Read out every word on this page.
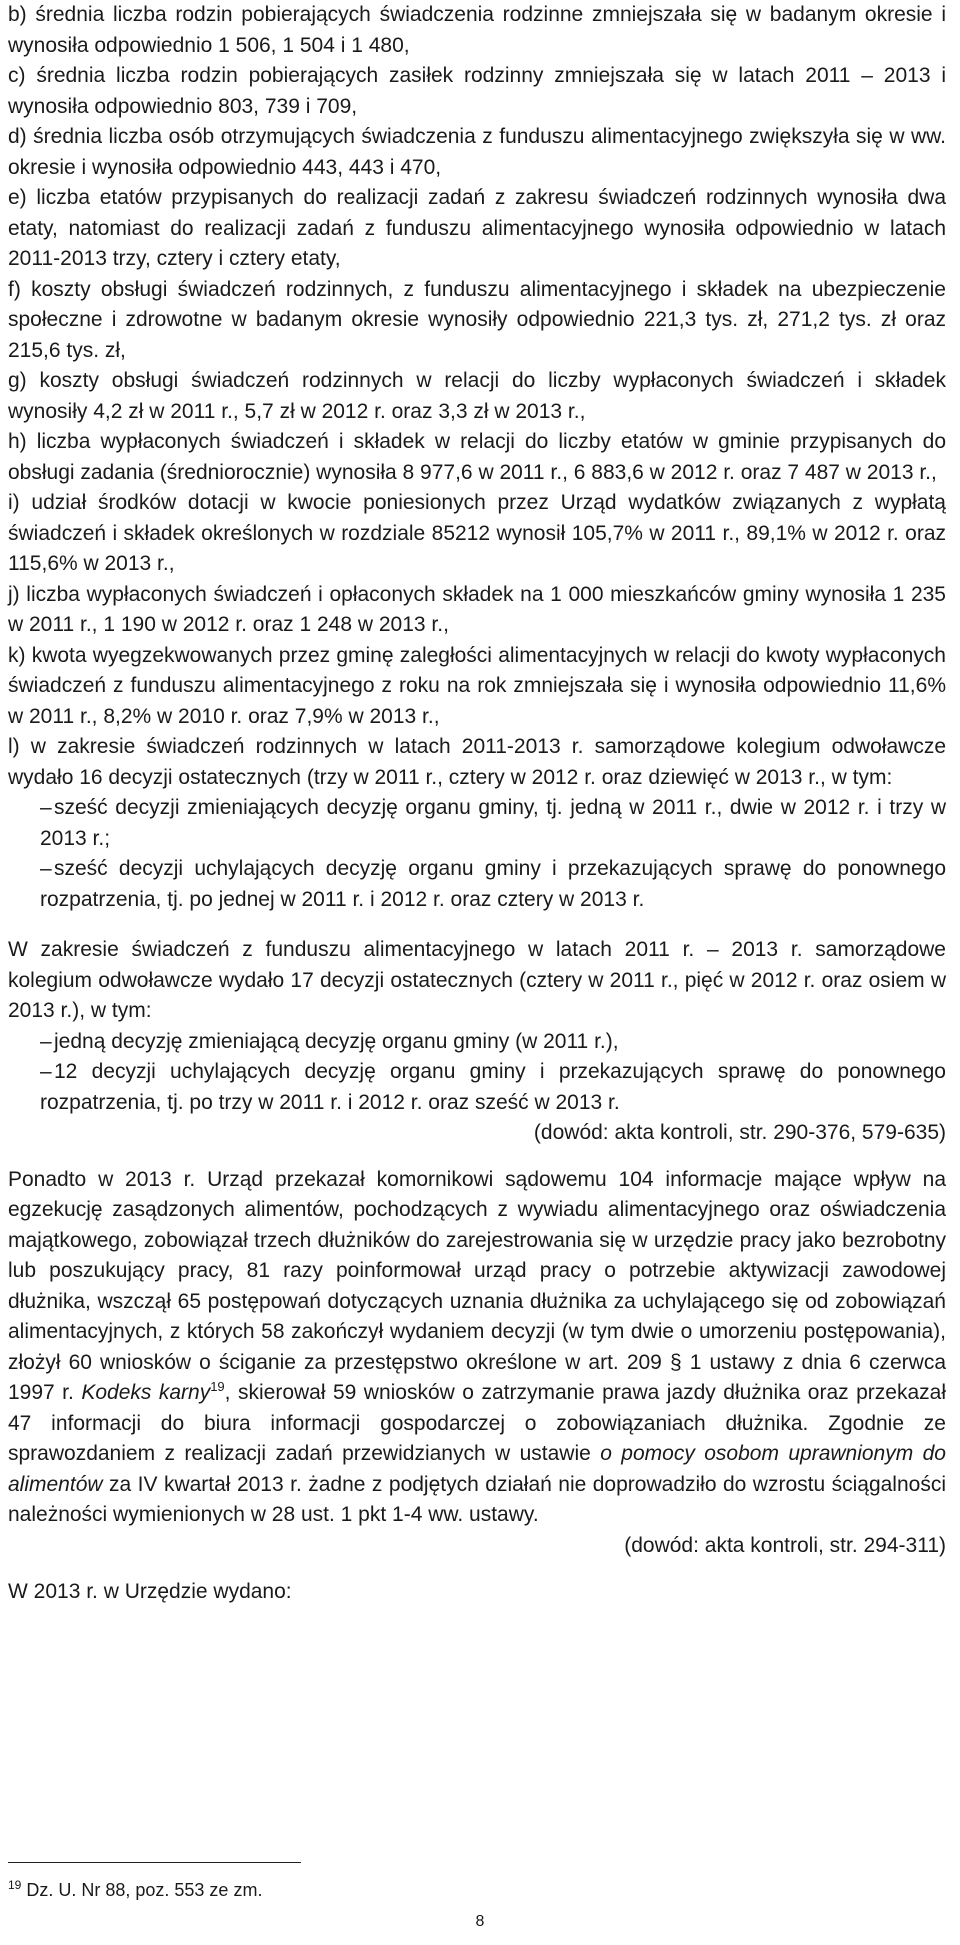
b) średnia liczba rodzin pobierających świadczenia rodzinne zmniejszała się w badanym okresie i wynosiła odpowiednio 1 506, 1 504 i 1 480,

c) średnia liczba rodzin pobierających zasiłek rodzinny zmniejszała się w latach 2011 – 2013 i wynosiła odpowiednio 803, 739 i 709,

d) średnia liczba osób otrzymujących świadczenia z funduszu alimentacyjnego zwiększyła się w ww. okresie i wynosiła odpowiednio 443, 443 i 470,

e) liczba etatów przypisanych do realizacji zadań z zakresu świadczeń rodzinnych wynosiła dwa etaty, natomiast do realizacji zadań z funduszu alimentacyjnego wynosiła odpowiednio w latach 2011-2013 trzy, cztery i cztery etaty,

f) koszty obsługi świadczeń rodzinnych, z funduszu alimentacyjnego i składek na ubezpieczenie społeczne i zdrowotne w badanym okresie wynosiły odpowiednio 221,3 tys. zł, 271,2 tys. zł oraz 215,6 tys. zł,

g) koszty obsługi świadczeń rodzinnych w relacji do liczby wypłaconych świadczeń i składek wynosiły 4,2 zł w 2011 r., 5,7 zł w 2012 r. oraz 3,3 zł w 2013 r.,

h) liczba wypłaconych świadczeń i składek w relacji do liczby etatów w gminie przypisanych do obsługi zadania (średniorocznie) wynosiła 8 977,6 w 2011 r., 6 883,6 w 2012 r. oraz 7 487 w 2013 r.,

i) udział środków dotacji w kwocie poniesionych przez Urząd wydatków związanych z wypłatą świadczeń i składek określonych w rozdziale 85212 wynosił 105,7% w 2011 r., 89,1% w 2012 r. oraz 115,6% w 2013 r.,

j) liczba wypłaconych świadczeń i opłaconych składek na 1 000 mieszkańców gminy wynosiła 1 235 w 2011 r., 1 190 w 2012 r. oraz 1 248 w 2013 r.,

k) kwota wyegzekwowanych przez gminę zaległości alimentacyjnych w relacji do kwoty wypłaconych świadczeń z funduszu alimentacyjnego z roku na rok zmniejszała się i wynosiła odpowiednio 11,6% w 2011 r., 8,2% w 2010 r. oraz 7,9% w 2013 r.,

l) w zakresie świadczeń rodzinnych w latach 2011-2013 r. samorządowe kolegium odwoławcze wydało 16 decyzji ostatecznych (trzy w 2011 r., cztery w 2012 r. oraz dziewięć w 2013 r., w tym:

– sześć decyzji zmieniających decyzję organu gminy, tj. jedną w 2011 r., dwie w 2012 r. i trzy w 2013 r.;

– sześć decyzji uchylających decyzję organu gminy i przekazujących sprawę do ponownego rozpatrzenia, tj. po jednej w 2011 r. i 2012 r. oraz cztery w 2013 r.

W zakresie świadczeń z funduszu alimentacyjnego w latach 2011 r. – 2013 r. samorządowe kolegium odwoławcze wydało 17 decyzji ostatecznych (cztery w 2011 r., pięć w 2012 r. oraz osiem w 2013 r.), w tym:

– jedną decyzję zmieniającą decyzję organu gminy (w 2011 r.),

– 12 decyzji uchylających decyzję organu gminy i przekazujących sprawę do ponownego rozpatrzenia, tj. po trzy w 2011 r. i 2012 r. oraz sześć w 2013 r.

(dowód: akta kontroli, str. 290-376, 579-635)

Ponadto w 2013 r. Urząd przekazał komornikowi sądowemu 104 informacje mające wpływ na egzekucję zasądzonych alimentów, pochodzących z wywiadu alimentacyjnego oraz oświadczenia majątkowego, zobowiązał trzech dłużników do zarejestrowania się w urzędzie pracy jako bezrobotny lub poszukujący pracy, 81 razy poinformował urząd pracy o potrzebie aktywizacji zawodowej dłużnika, wszczął 65 postępowań dotyczących uznania dłużnika za uchylającego się od zobowiązań alimentacyjnych, z których 58 zakończył wydaniem decyzji (w tym dwie o umorzeniu postępowania), złożył 60 wniosków o ściganie za przestępstwo określone w art. 209 § 1 ustawy z dnia 6 czerwca 1997 r. Kodeks karny$^{19}$, skierował 59 wniosków o zatrzymanie prawa jazdy dłużnika oraz przekazał 47 informacji do biura informacji gospodarczej o zobowiązaniach dłużnika. Zgodnie ze sprawozdaniem z realizacji zadań przewidzianych w ustawie o pomocy osobom uprawnionym do alimentów za IV kwartał 2013 r. żadne z podjętych działań nie doprowadziło do wzrostu ściągalności należności wymienionych w 28 ust. 1 pkt 1-4 ww. ustawy.

(dowód: akta kontroli, str. 294-311)

W 2013 r. w Urzędzie wydano:

$^{19}$ Dz. U. Nr 88, poz. 553 ze zm.
8
